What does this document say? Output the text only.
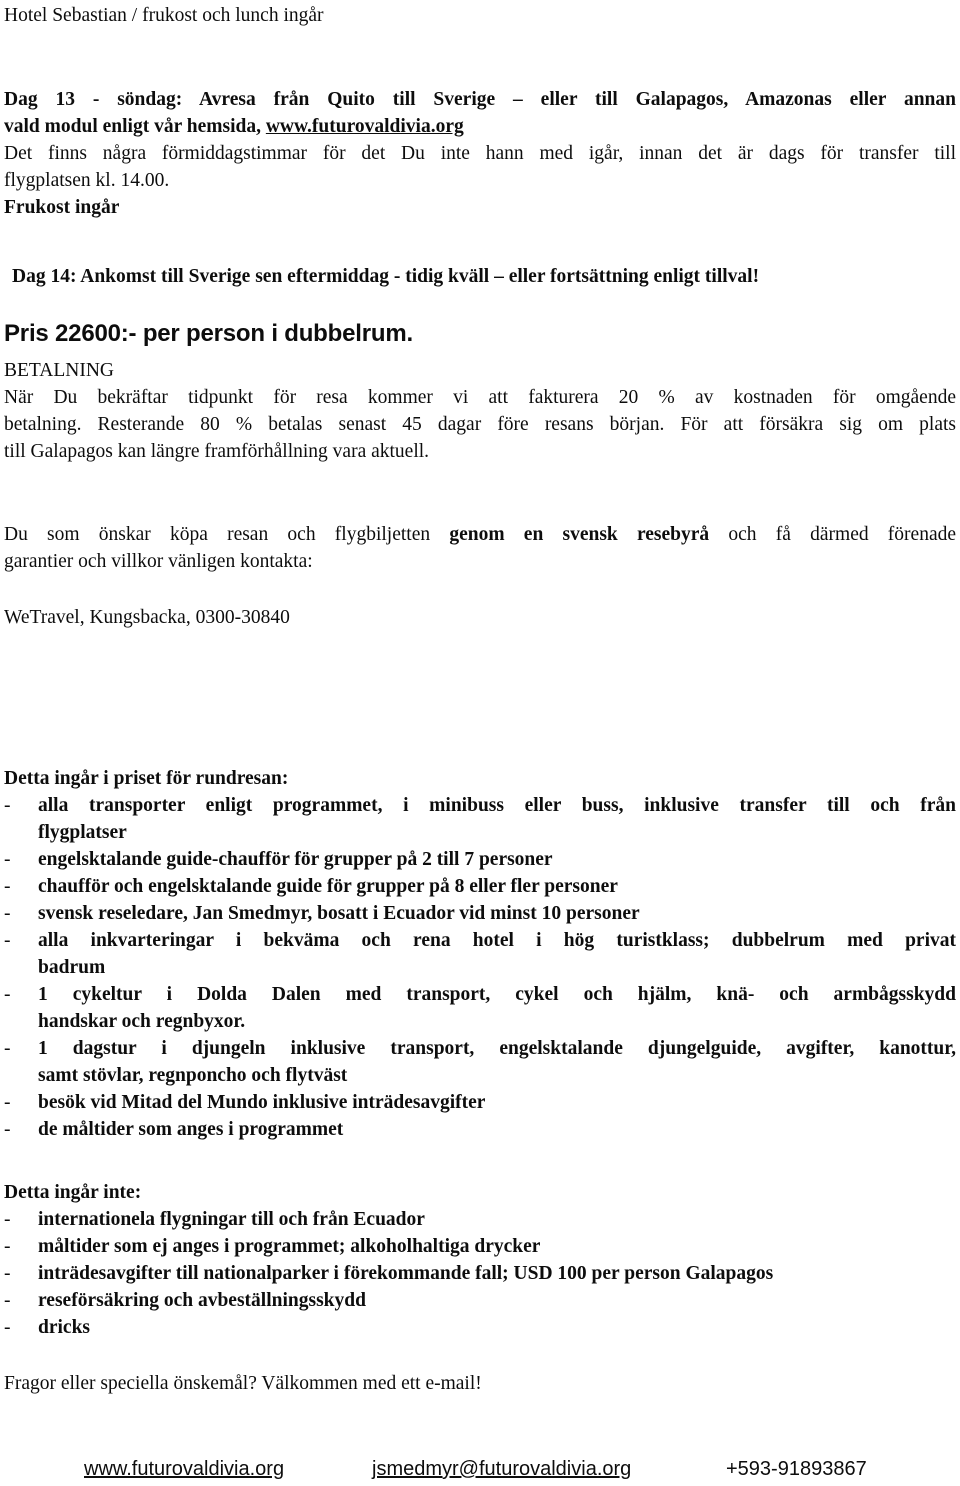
Hotel Sebastian / frukost och lunch ingår
Dag 13 - söndag: Avresa från Quito till Sverige – eller till Galapagos, Amazonas eller annan
vald modul enligt vår hemsida, www.futurovaldivia.org
Det finns några förmiddagstimmar för det Du inte hann med igår, innan det är dags för transfer till
flygplatsen kl. 14.00.
Frukost ingår
Dag 14: Ankomst till Sverige sen eftermiddag - tidig kväll – eller fortsättning enligt tillval!
Pris 22600:- per person i dubbelrum.
BETALNING
När Du bekräftar tidpunkt för resa kommer vi att fakturera 20 % av kostnaden för omgående
betalning. Resterande 80 % betalas senast 45 dagar före resans början. För att försäkra sig om plats
till Galapagos kan längre framförhållning vara aktuell.
Du som önskar köpa resan och flygbiljetten genom en svensk resebyrå och få därmed förenade
garantier och villkor vänligen kontakta:
WeTravel, Kungsbacka, 0300-30840
Detta ingår i priset för rundresan:
-	alla transporter enligt programmet, i minibuss eller buss, inklusive transfer till och från
flygplatser
-	engelsktalande guide-chaufför för grupper på 2 till 7 personer
-	chaufför och engelsktalande guide för grupper på 8 eller fler personer
-	svensk reseledare, Jan Smedmyr, bosatt i Ecuador vid minst 10 personer
-	alla inkvarteringar i bekväma och rena hotel i hög turistklass; dubbelrum med privat
badrum
-	1 cykeltur i Dolda Dalen med transport, cykel och hjälm, knä- och armbågsskydd
handskar och regnbyxor.
-	1 dagstur i djungeln inklusive transport, engelsktalande djungelguide, avgifter, kanottur,
samt stövlar, regnponcho och flytväst
-	besök vid Mitad del Mundo inklusive inträdesavgifter
-	de måltider som anges i programmet
Detta ingår inte:
-	internationela flygningar till och från Ecuador
-	måltider som ej anges i programmet; alkoholhaltiga drycker
-	inträdesavgifter till nationalparker i förekommande fall; USD 100 per person Galapagos
-	reseförsäkring och avbeställningsskydd
-	dricks
Fragor eller speciella önskemål? Välkommen med ett e-mail!
www.futurovaldivia.org	jsmedmyr@futurovaldivia.org	+593-91893867
